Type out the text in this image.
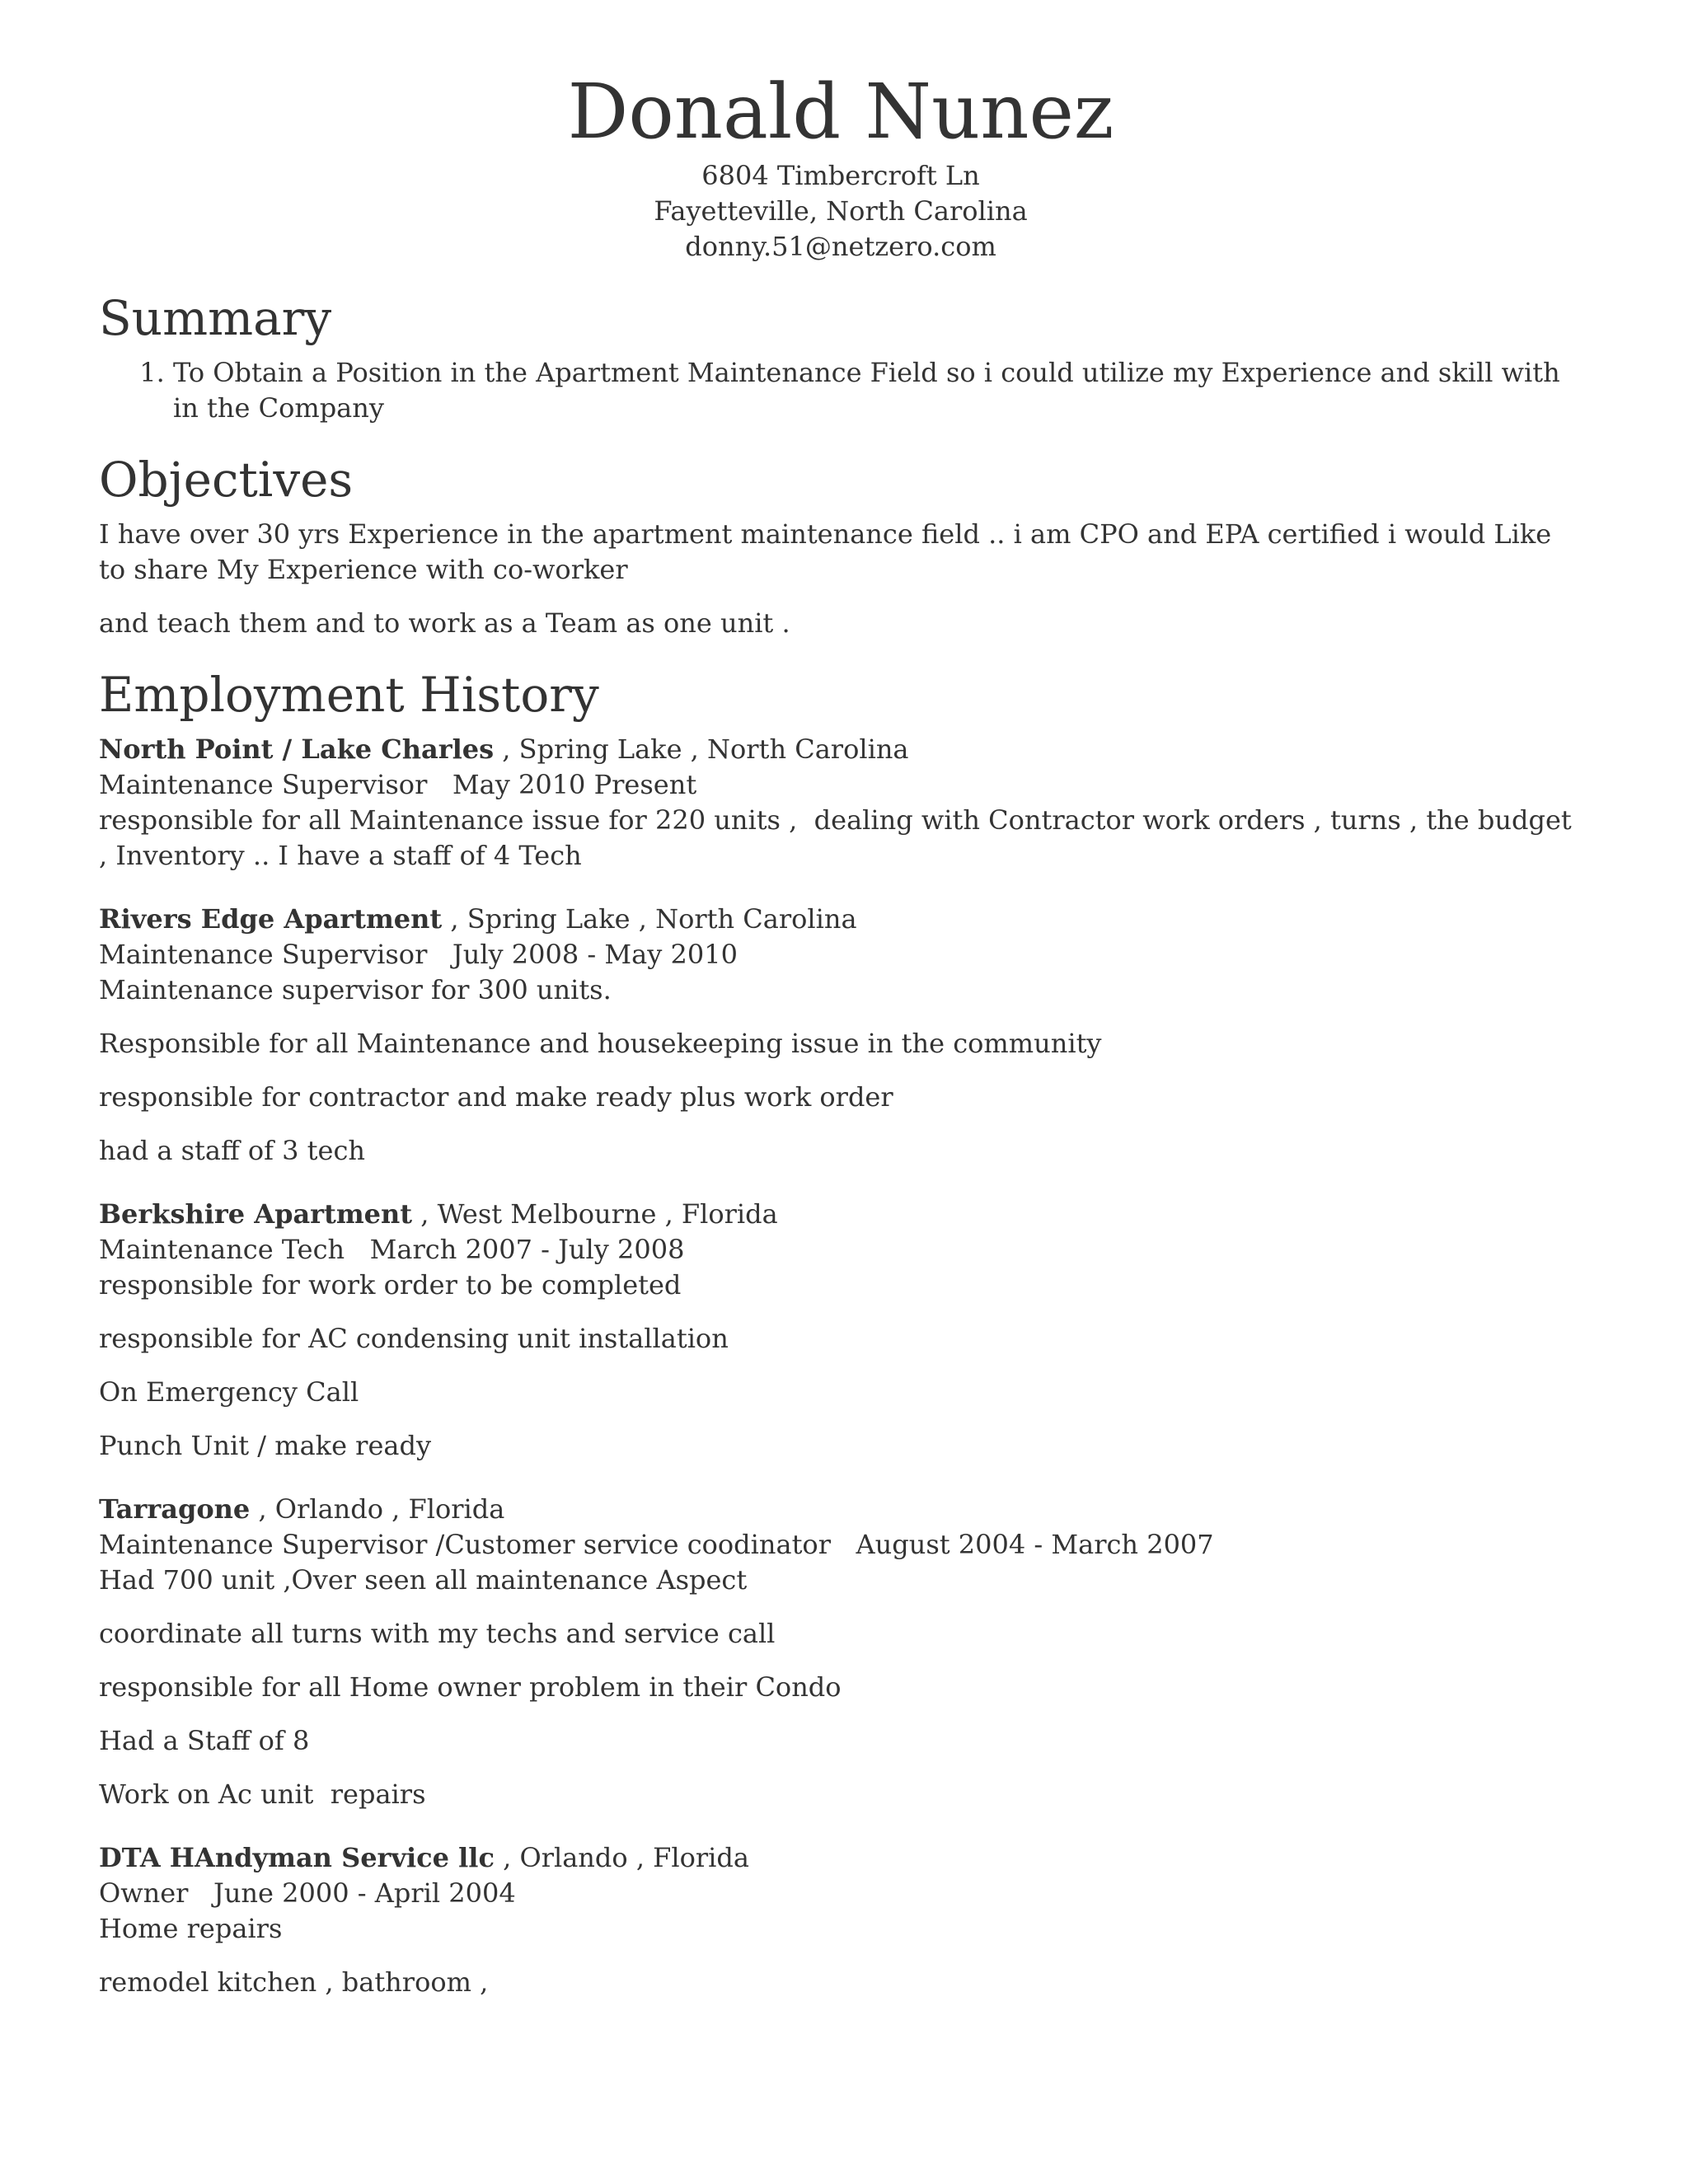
Donald Nunez

6804 Timbercroft Ln

Fayetteville, North Carolina

donny.51@netzero.com

Summary
1. To Obtain a Position in the Apartment Maintenance Field so i could utilize my Experience and skill with in the Company
Objectives

I have over 30 yrs Experience in the apartment maintenance field .. i am CPO and EPA certified i would Like to share My Experience with co-worker

and teach them and to work as a Team as one unit .

Employment History

North Point / Lake Charles , Spring Lake , North Carolina

Maintenance Supervisor   May 2010 Present

responsible for all Maintenance issue for 220 units ,  dealing with Contractor work orders , turns , the budget , Inventory .. I have a staff of 4 Tech

Rivers Edge Apartment , Spring Lake , North Carolina

Maintenance Supervisor   July 2008 - May 2010

Maintenance supervisor for 300 units.

Responsible for all Maintenance and housekeeping issue in the community

responsible for contractor and make ready plus work order

had a staff of 3 tech

Berkshire Apartment , West Melbourne , Florida

Maintenance Tech   March 2007 - July 2008

responsible for work order to be completed

responsible for AC condensing unit installation

On Emergency Call

Punch Unit / make ready

Tarragone , Orlando , Florida

Maintenance Supervisor /Customer service coodinator   August 2004 - March 2007

Had 700 unit ,Over seen all maintenance Aspect

coordinate all turns with my techs and service call

responsible for all Home owner problem in their Condo

Had a Staff of 8

Work on Ac unit  repairs

DTA HAndyman Service llc , Orlando , Florida

Owner   June 2000 - April 2004

Home repairs

remodel kitchen , bathroom ,
